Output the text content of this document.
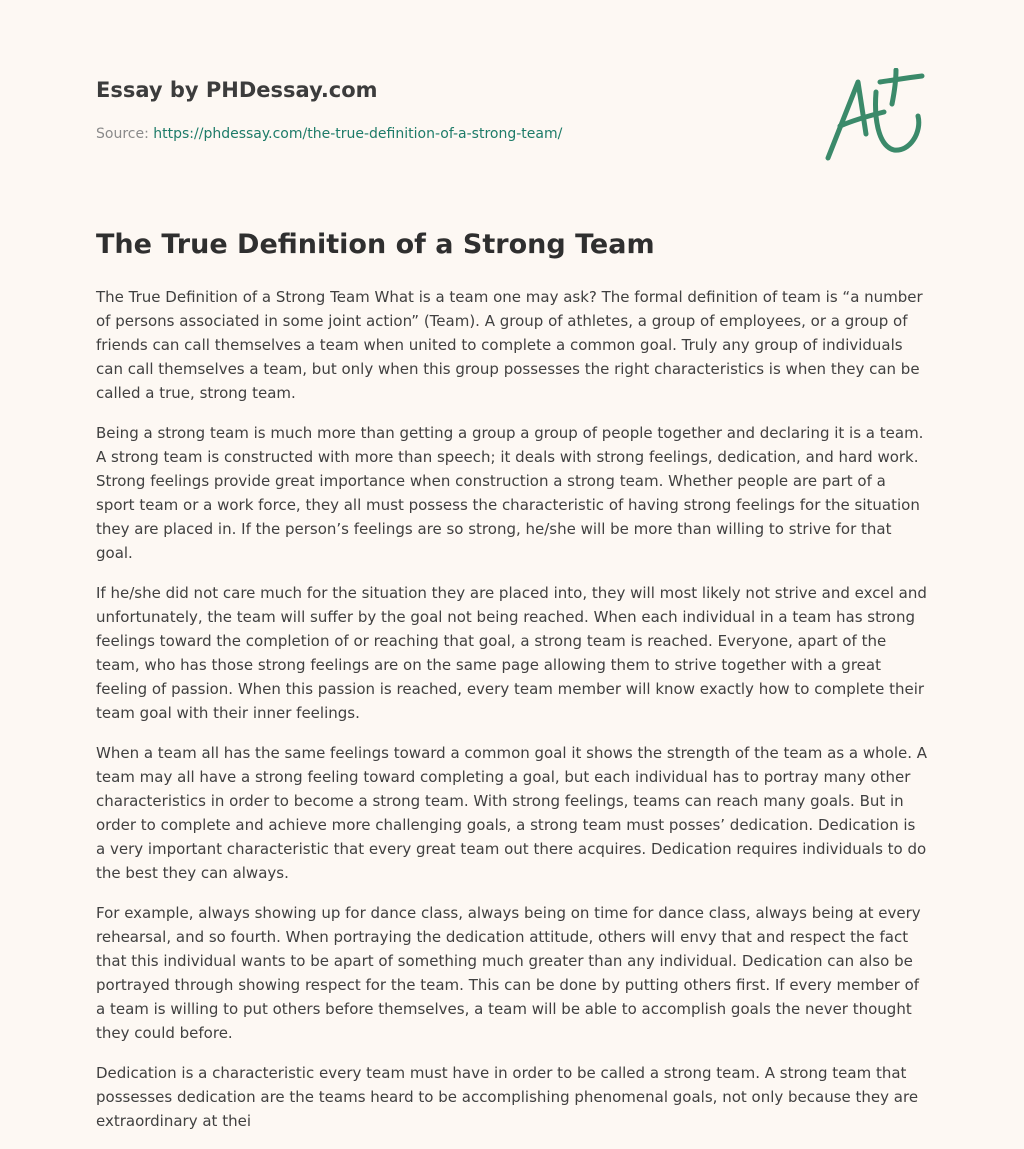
Essay by PHDessay.com
Source: https://phdessay.com/the-true-definition-of-a-strong-team/
The True Definition of a Strong Team

The True Definition of a Strong Team What is a team one may ask? The formal definition of team is “a number of persons associated in some joint action” (Team). A group of athletes, a group of employees, or a group of friends can call themselves a team when united to complete a common goal. Truly any group of individuals can call themselves a team, but only when this group possesses the right characteristics is when they can be called a true, strong team.

Being a strong team is much more than getting a group a group of people together and declaring it is a team. A strong team is constructed with more than speech; it deals with strong feelings, dedication, and hard work. Strong feelings provide great importance when construction a strong team. Whether people are part of a sport team or a work force, they all must possess the characteristic of having strong feelings for the situation they are placed in. If the person’s feelings are so strong, he/she will be more than willing to strive for that goal.

If he/she did not care much for the situation they are placed into, they will most likely not strive and excel and unfortunately, the team will suffer by the goal not being reached. When each individual in a team has strong feelings toward the completion of or reaching that goal, a strong team is reached. Everyone, apart of the team, who has those strong feelings are on the same page allowing them to strive together with a great feeling of passion. When this passion is reached, every team member will know exactly how to complete their team goal with their inner feelings.

When a team all has the same feelings toward a common goal it shows the strength of the team as a whole. A team may all have a strong feeling toward completing a goal, but each individual has to portray many other characteristics in order to become a strong team. With strong feelings, teams can reach many goals. But in order to complete and achieve more challenging goals, a strong team must posses’ dedication. Dedication is a very important characteristic that every great team out there acquires. Dedication requires individuals to do the best they can always.

For example, always showing up for dance class, always being on time for dance class, always being at every rehearsal, and so fourth. When portraying the dedication attitude, others will envy that and respect the fact that this individual wants to be apart of something much greater than any individual. Dedication can also be portrayed through showing respect for the team. This can be done by putting others first. If every member of a team is willing to put others before themselves, a team will be able to accomplish goals the never thought they could before.

Dedication is a characteristic every team must have in order to be called a strong team. A strong team that possesses dedication are the teams heard to be accomplishing phenomenal goals, not only because they are extraordinary at thei
